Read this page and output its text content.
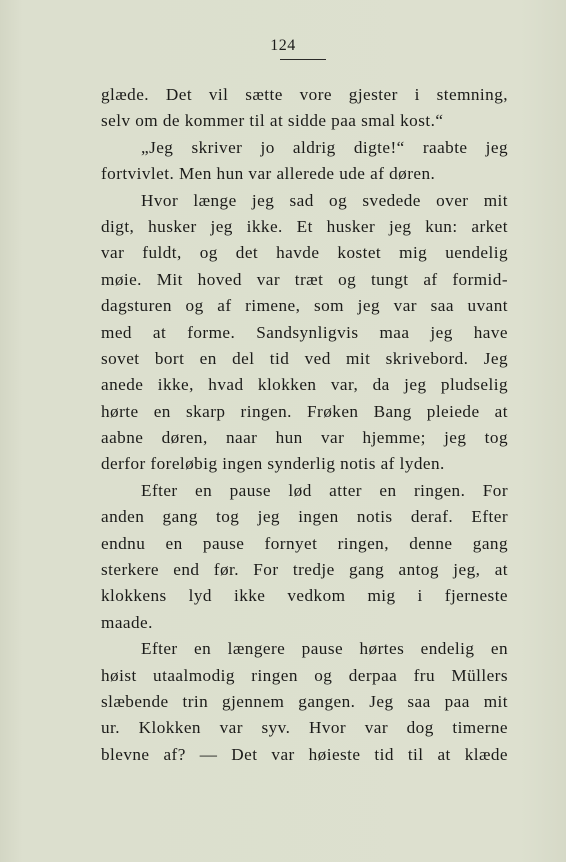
124
glæde. Det vil sætte vore gjester i stemning,
selv om de kommer til at sidde paa smal kost.“
„Jeg skriver jo aldrig digte!“ raabte jeg
fortvivlet. Men hun var allerede ude af døren.
Hvor længe jeg sad og svedede over mit
digt, husker jeg ikke. Et husker jeg kun: arket
var fuldt, og det havde kostet mig uendelig
møie. Mit hoved var træt og tungt af formid-
dagsturen og af rimene, som jeg var saa uvant
med at forme. Sandsynligvis maa jeg have
sovet bort en del tid ved mit skrivebord. Jeg
anede ikke, hvad klokken var, da jeg pludselig
hørte en skarp ringen. Frøken Bang pleiede at
aabne døren, naar hun var hjemme; jeg tog
derfor foreløbig ingen synderlig notis af lyden.
Efter en pause lød atter en ringen. For
anden gang tog jeg ingen notis deraf. Efter
endnu en pause fornyet ringen, denne gang
sterkere end før. For tredje gang antog jeg, at
klokkens lyd ikke vedkom mig i fjerneste
maade.
Efter en længere pause hørtes endelig en
høist utaalmodig ringen og derpaa fru Müllers
slæbende trin gjennem gangen. Jeg saa paa mit
ur. Klokken var syv. Hvor var dog timerne
blevne af? — Det var høieste tid til at klæde
